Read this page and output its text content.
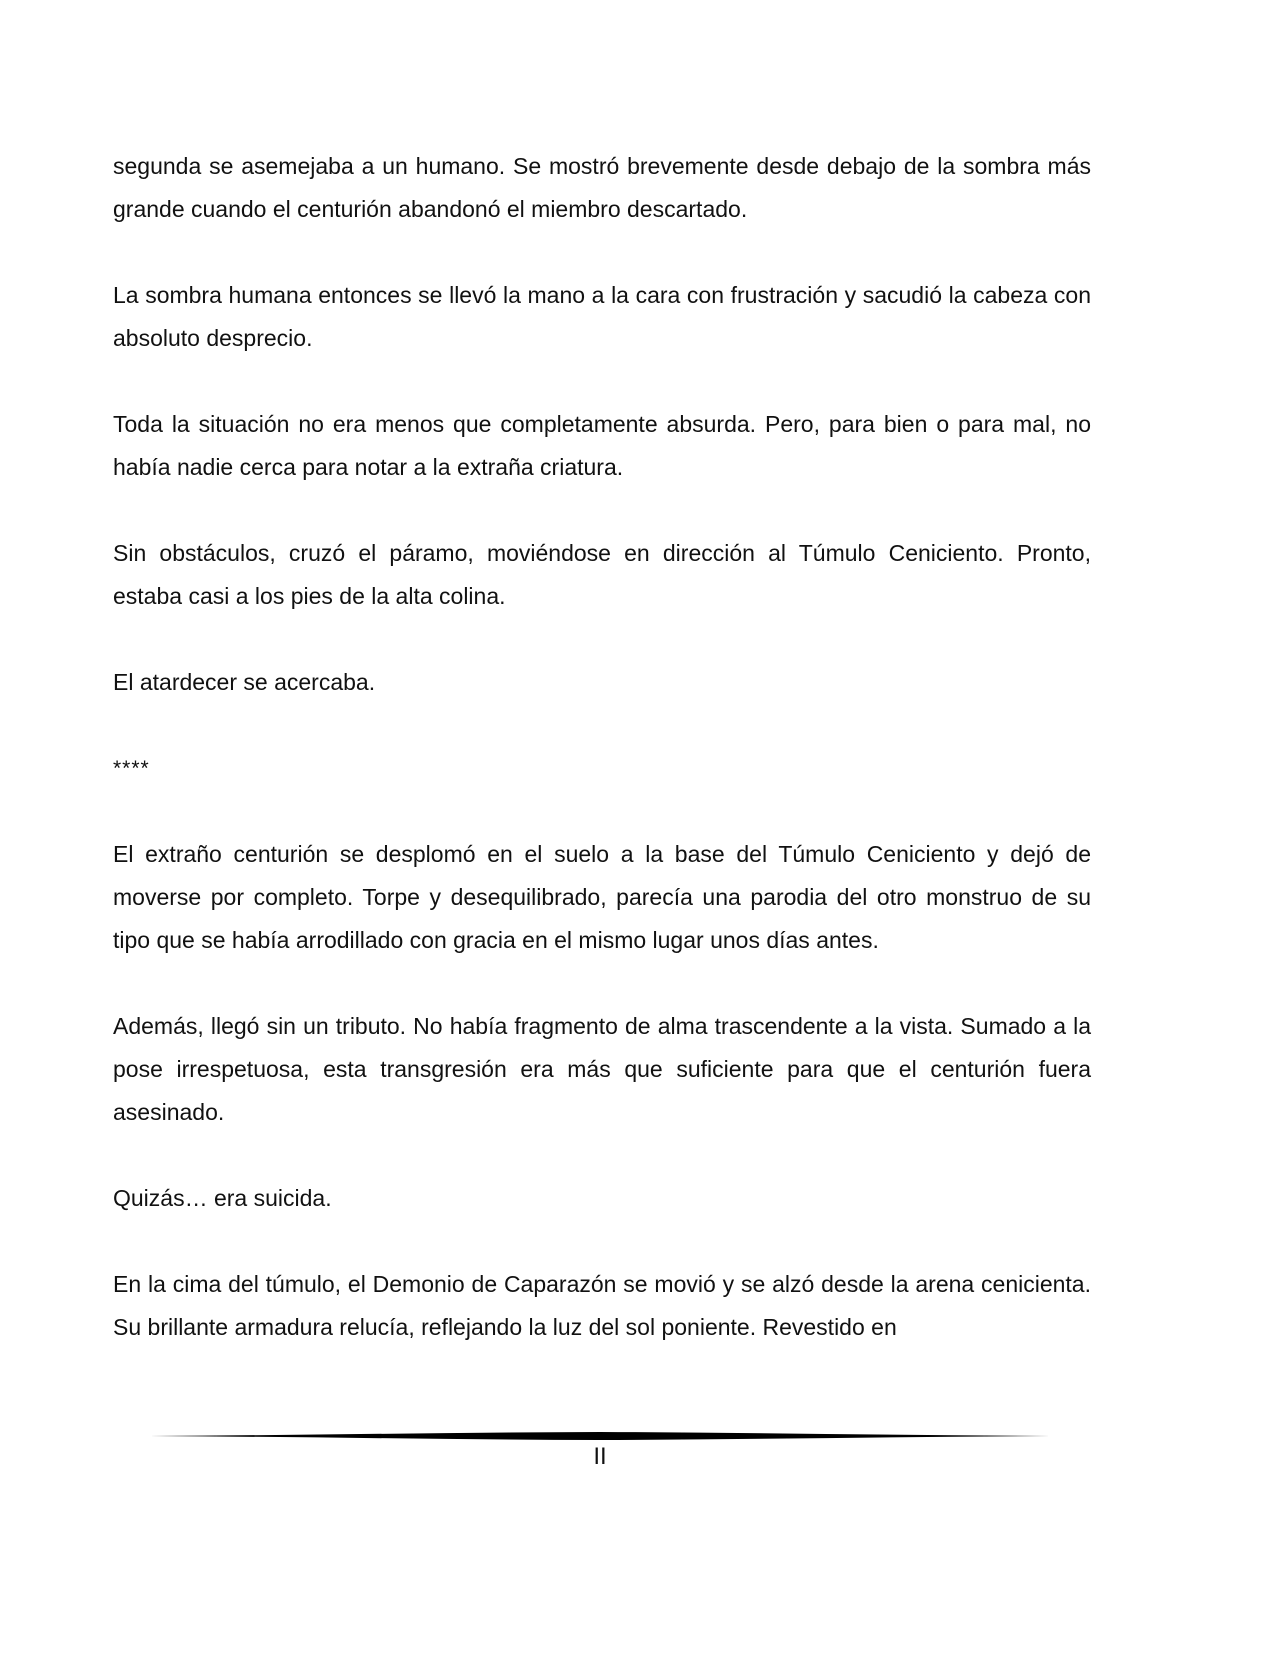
segunda se asemejaba a un humano. Se mostró brevemente desde debajo de la sombra más grande cuando el centurión abandonó el miembro descartado.

La sombra humana entonces se llevó la mano a la cara con frustración y sacudió la cabeza con absoluto desprecio.

Toda la situación no era menos que completamente absurda. Pero, para bien o para mal, no había nadie cerca para notar a la extraña criatura.

Sin obstáculos, cruzó el páramo, moviéndose en dirección al Túmulo Ceniciento. Pronto, estaba casi a los pies de la alta colina.

El atardecer se acercaba.

****

El extraño centurión se desplomó en el suelo a la base del Túmulo Ceniciento y dejó de moverse por completo. Torpe y desequilibrado, parecía una parodia del otro monstruo de su tipo que se había arrodillado con gracia en el mismo lugar unos días antes.

Además, llegó sin un tributo. No había fragmento de alma trascendente a la vista. Sumado a la pose irrespetuosa, esta transgresión era más que suficiente para que el centurión fuera asesinado.

Quizás… era suicida.

En la cima del túmulo, el Demonio de Caparazón se movió y se alzó desde la arena cenicienta. Su brillante armadura relucía, reflejando la luz del sol poniente. Revestido en

II
